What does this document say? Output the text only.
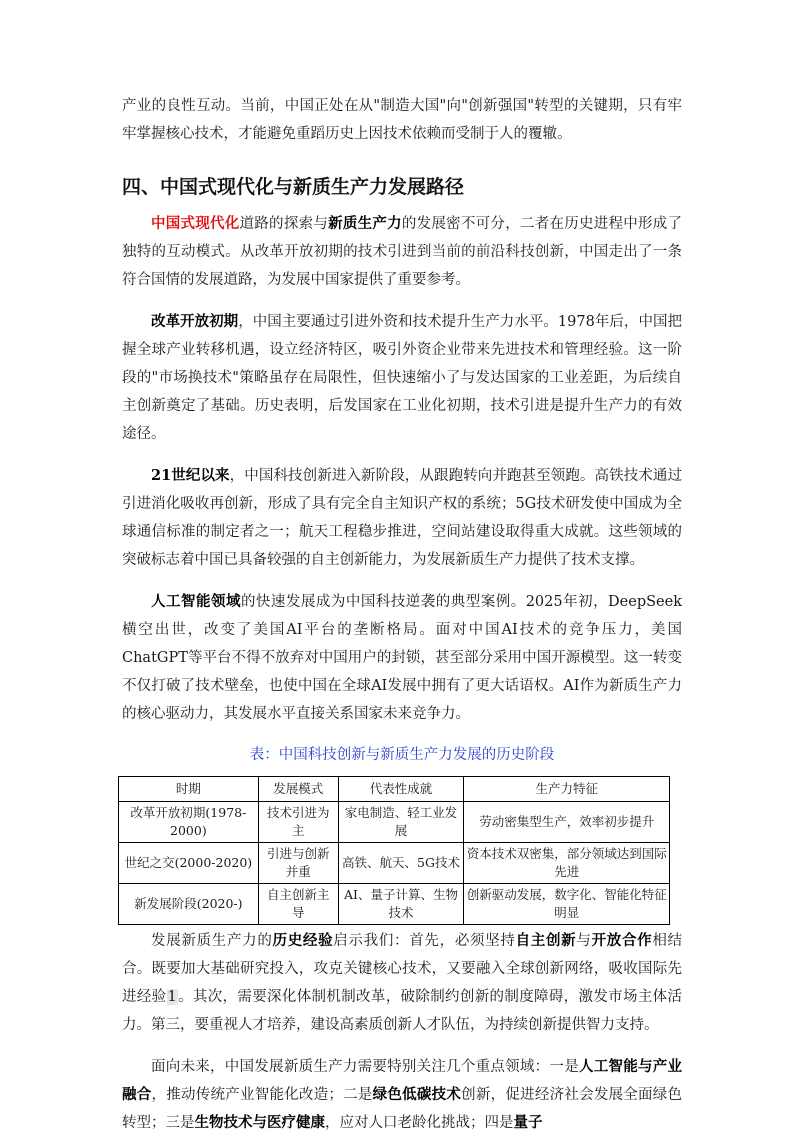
产业的良性互动。当前，中国正处在从"制造大国"向"创新强国"转型的关键期，只有牢牢掌握核心技术，才能避免重蹈历史上因技术依赖而受制于人的覆辙。

四、中国式现代化与新质生产力发展路径

中国式现代化道路的探索与新质生产力的发展密不可分，二者在历史进程中形成了独特的互动模式。从改革开放初期的技术引进到当前的前沿科技创新，中国走出了一条符合国情的发展道路，为发展中国家提供了重要参考。

改革开放初期，中国主要通过引进外资和技术提升生产力水平。1978年后，中国把握全球产业转移机遇，设立经济特区，吸引外资企业带来先进技术和管理经验。这一阶段的"市场换技术"策略虽存在局限性，但快速缩小了与发达国家的工业差距，为后续自主创新奠定了基础。历史表明，后发国家在工业化初期，技术引进是提升生产力的有效途径。

21世纪以来，中国科技创新进入新阶段，从跟跑转向并跑甚至领跑。高铁技术通过引进消化吸收再创新，形成了具有完全自主知识产权的系统；5G技术研发使中国成为全球通信标准的制定者之一；航天工程稳步推进，空间站建设取得重大成就。这些领域的突破标志着中国已具备较强的自主创新能力，为发展新质生产力提供了技术支撑。

人工智能领域的快速发展成为中国科技逆袭的典型案例。2025年初，DeepSeek横空出世，改变了美国AI平台的垄断格局。面对中国AI技术的竞争压力，美国ChatGPT等平台不得不放弃对中国用户的封锁，甚至部分采用中国开源模型。这一转变不仅打破了技术壁垒，也使中国在全球AI发展中拥有了更大话语权。AI作为新质生产力的核心驱动力，其发展水平直接关系国家未来竞争力。

表：中国科技创新与新质生产力发展的历史阶段
时期	发展模式	代表性成就	生产力特征
改革开放初期(1978-2000)	技术引进为主	家电制造、轻工业发展	劳动密集型生产，效率初步提升
世纪之交(2000-2020)	引进与创新并重	高铁、航天、5G技术	资本技术双密集，部分领域达到国际先进
新发展阶段(2020-)	自主创新主导	AI、量子计算、生物技术	创新驱动发展，数字化、智能化特征明显

发展新质生产力的历史经验启示我们：首先，必须坚持自主创新与开放合作相结合。既要加大基础研究投入，攻克关键核心技术，又要融入全球创新网络，吸收国际先进经验1。其次，需要深化体制机制改革，破除制约创新的制度障碍，激发市场主体活力。第三，要重视人才培养，建设高素质创新人才队伍，为持续创新提供智力支持。

面向未来，中国发展新质生产力需要特别关注几个重点领域：一是人工智能与产业融合，推动传统产业智能化改造；二是绿色低碳技术创新，促进经济社会发展全面绿色转型；三是生物技术与医疗健康，应对人口老龄化挑战；四是量子
